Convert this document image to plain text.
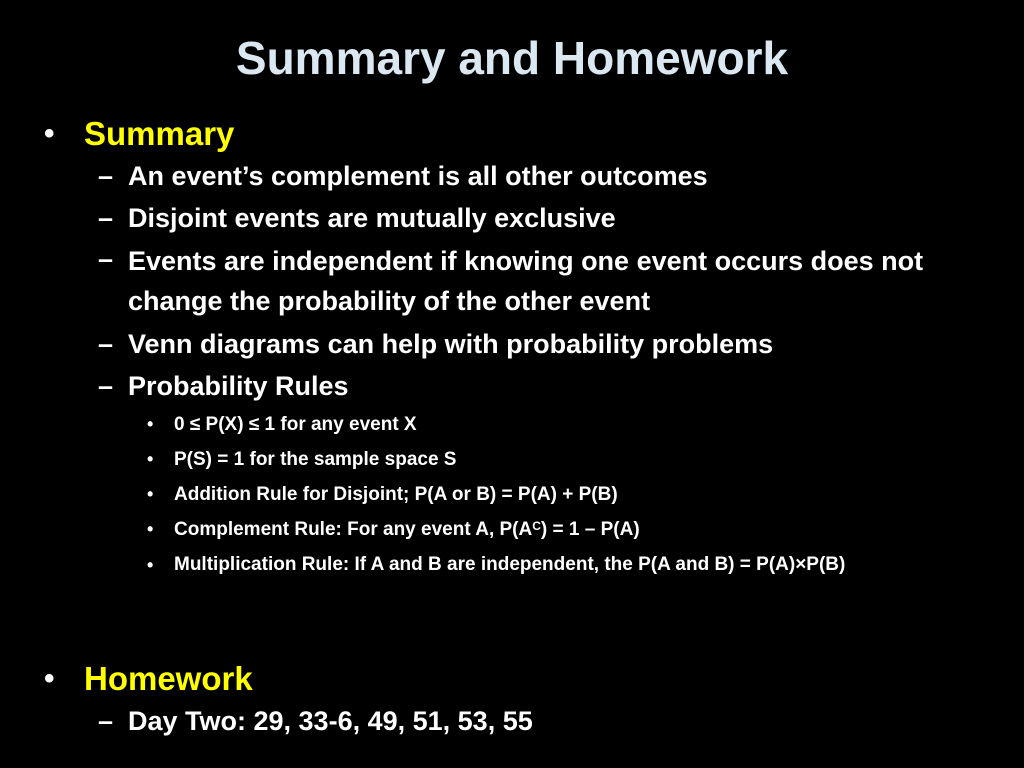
Summary and Homework
• Summary
– An event’s complement is all other outcomes
– Disjoint events are mutually exclusive
– Events are independent if knowing one event occurs does not change the probability of the other event
– Venn diagrams can help with probability problems
– Probability Rules
• 0 ≤ P(X) ≤ 1 for any event X
• P(S) = 1 for the sample space S
• Addition Rule for Disjoint; P(A or B) = P(A) + P(B)
• Complement Rule: For any event A, $P(A^C) = 1 - P(A)$
• Multiplication Rule: If A and B are independent, the P(A and B) = P(A)×P(B)
• Homework
– Day Two: 29, 33-6, 49, 51, 53, 55
